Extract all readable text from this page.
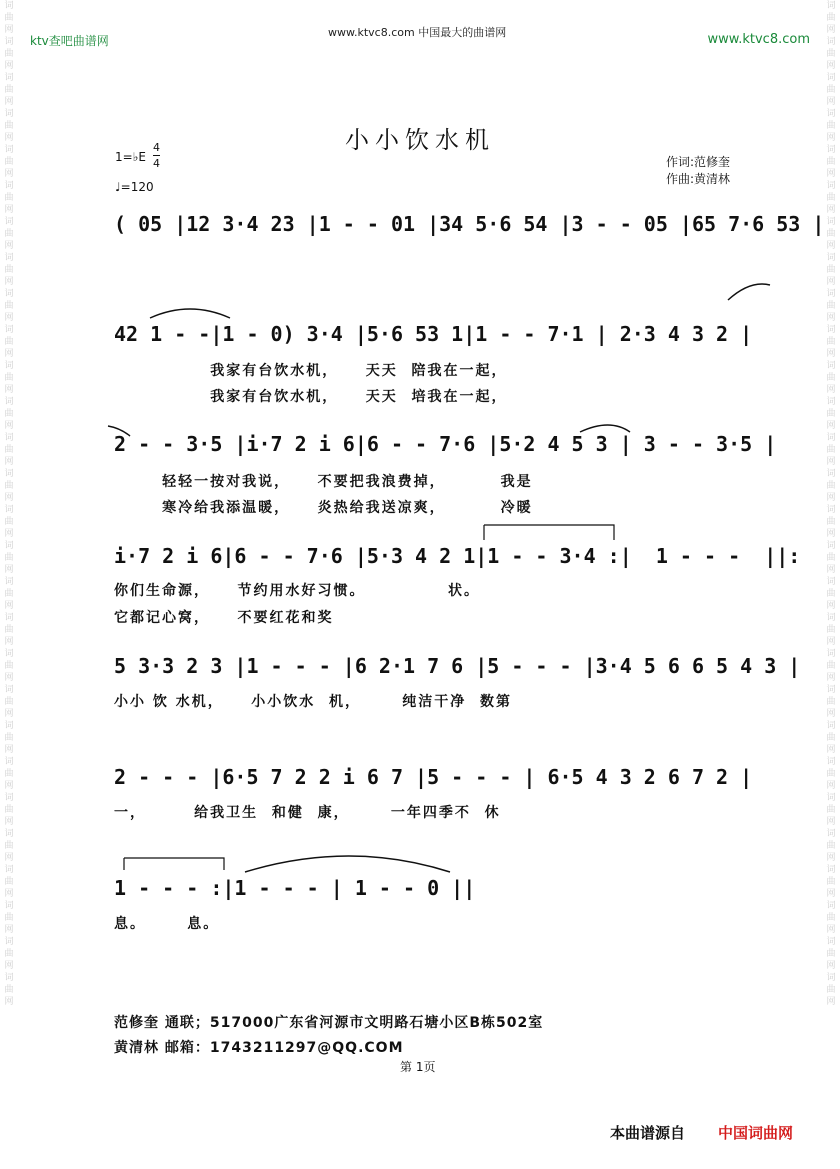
词曲网词曲网词曲网词曲网词曲网词曲网词曲网词曲网词曲网词曲网词曲网词曲网词曲网词曲网词曲网词曲网词曲网词曲网词曲网词曲网词曲网词曲网词曲网词曲网词曲网词曲网词曲网词曲网
词曲网词曲网词曲网词曲网词曲网词曲网词曲网词曲网词曲网词曲网词曲网词曲网词曲网词曲网词曲网词曲网词曲网词曲网词曲网词曲网词曲网词曲网词曲网词曲网词曲网词曲网词曲网词曲网
ktv查吧曲谱网
www.ktvc8.com 中国最大的曲谱网	www.ktvc8.com
小小饮水机
1=♭E
4
4
♩=120
作词:范修奎
作曲:黄清林
( 05 |12 3·4 23 |1 - - 01 |34 5·6 54 |3 - - 05 |65 7·6 53 |
42 1 - -|1 - 0) 3·4 |5·6 53 1|1 - - 7·1 | 2·3 4 3 2 |
我家有台饮水机，    天天  陪我在一起，
我家有台饮水机，    天天  培我在一起，
2 - - 3·5 |i·7 2 i 6|6 - - 7·6 |5·2 4 5 3 | 3 - - 3·5 |
轻轻一按对我说，    不要把我浪费掉，        我是
寒冷给我添温暖，    炎热给我送凉爽，        冷暖
i·7 2 i 6|6 - - 7·6 |5·3 4 2 1|1 - - 3·4 :|  1 - - -  ||:
你们生命源，    节约用水好习惯。            状。
它都记心窝，    不要红花和奖
5 3·3 2 3 |1 - - - |6 2·1 7 6 |5 - - - |3·4 5 6 6 5 4 3 |
小小 饮 水机，    小小饮水  机，      纯洁干净  数第
2 - - - |6·5 7 2 2 i 6 7 |5 - - - | 6·5 4 3 2 6 7 2 |
一，       给我卫生  和健  康，      一年四季不  休
1 - - - :|1 - - - | 1 - - 0 ||
息。      息。
范修奎 通联；517000广东省河源市文明路石塘小区B栋502室
黄清林 邮箱：1743211297@QQ.COM
第 1页
本曲谱源自 中国词曲网
